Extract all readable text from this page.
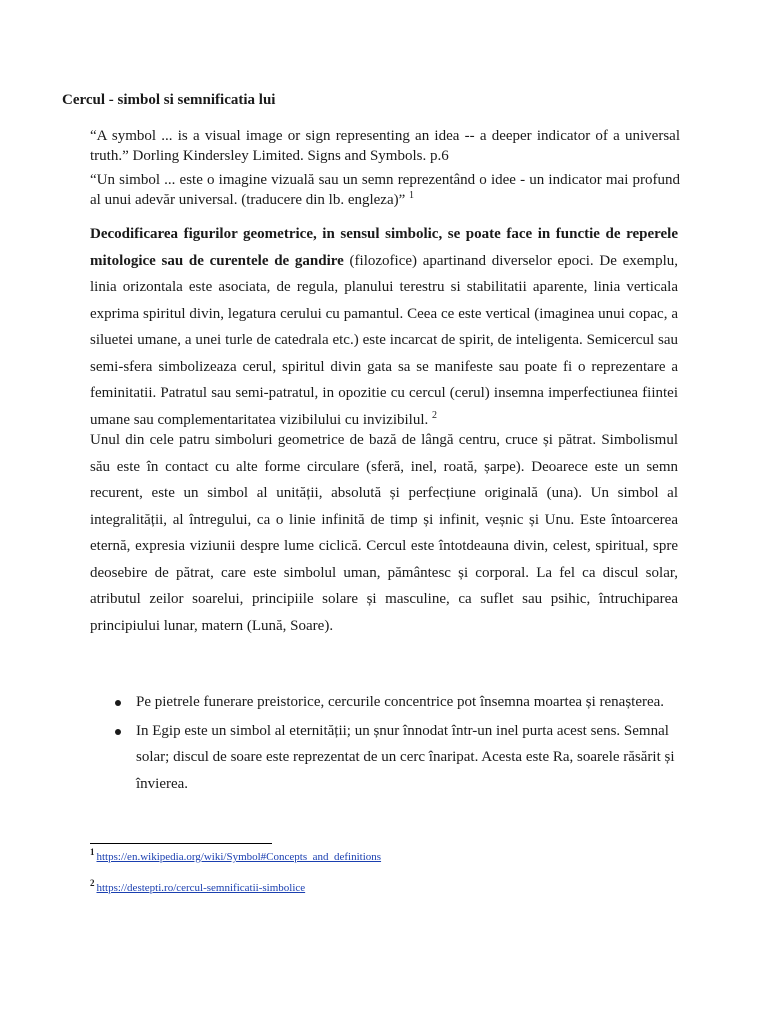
Cercul - simbol si semnificatia lui

“A symbol ... is a visual image or sign representing an idea -- a deeper indicator of a universal truth.” Dorling Kindersley Limited. Signs and Symbols. p.6

“Un simbol ... este o imagine vizuală sau un semn reprezentând o idee - un indicator mai profund al unui adevăr universal. (traducere din lb. engleza)” $^1$

Decodificarea figurilor geometrice, in sensul simbolic, se poate face in functie de reperele mitologice sau de curentele de gandire (filozofice) apartinand diverselor epoci. De exemplu, linia orizontala este asociata, de regula, planului terestru si stabilitatii aparente, linia verticala exprima spiritul divin, legatura cerului cu pamantul. Ceea ce este vertical (imaginea unui copac, a siluetei umane, a unei turle de catedrala etc.) este incarcat de spirit, de inteligenta. Semicercul sau semi-sfera simbolizeaza cerul, spiritul divin gata sa se manifeste sau poate fi o reprezentare a feminitatii. Patratul sau semi-patratul, in opozitie cu cercul (cerul) insemna imperfectiunea fiintei umane sau complementaritatea vizibilului cu invizibilul. $^2$

Unul din cele patru simboluri geometrice de bază de lângă centru, cruce și pătrat. Simbolismul său este în contact cu alte forme circulare (sferă, inel, roată, șarpe). Deoarece este un semn recurent, este un simbol al unității, absolută și perfecțiune originală (una). Un simbol al integralității, al întregului, ca o linie infinită de timp și infinit, veșnic și Unu. Este întoarcerea eternă, expresia viziunii despre lume ciclică. Cercul este întotdeauna divin, celest, spiritual, spre deosebire de pătrat, care este simbolul uman, pământesc și corporal. La fel ca discul solar, atributul zeilor soarelui, principiile solare și masculine, ca suflet sau psihic, întruchiparea principiului lunar, matern (Lună, Soare).

Pe pietrele funerare preistorice, cercurile concentrice pot însemna moartea și renașterea.
In Egip este un simbol al eternității; un șnur înnodat într-un inel purta acest sens. Semnal solar; discul de soare este reprezentat de un cerc înaripat. Acesta este Ra, soarele răsărit și învierea.

$^1$ https://en.wikipedia.org/wiki/Symbol#Concepts_and_definitions

$^2$ https://destepti.ro/cercul-semnificatii-simbolice
